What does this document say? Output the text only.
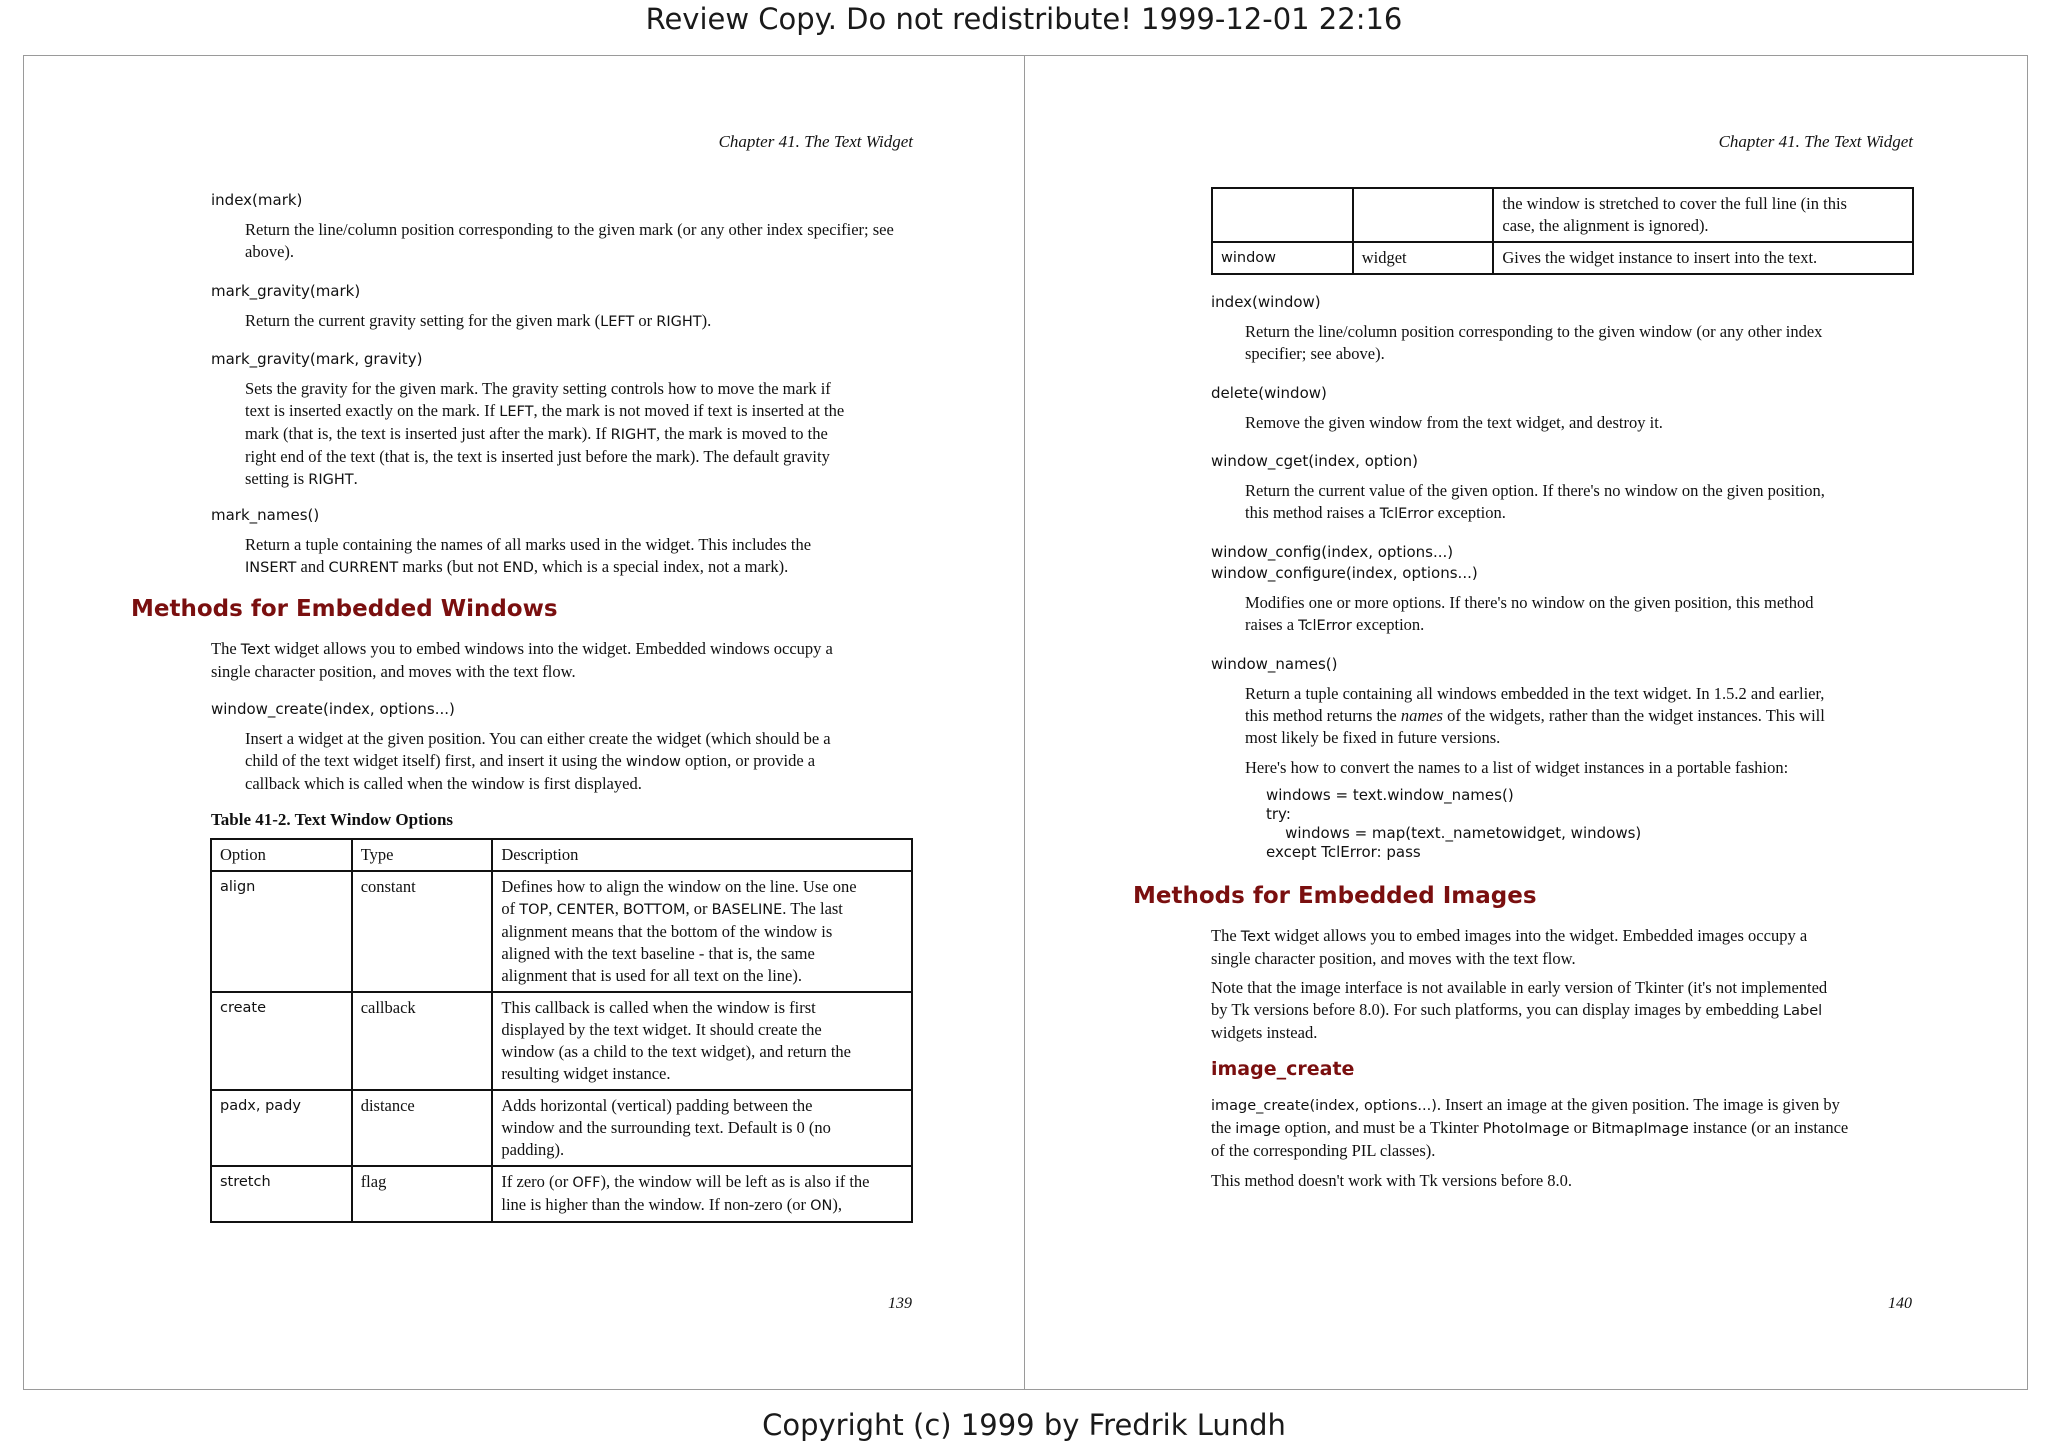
Review Copy. Do not redistribute! 1999-12-01 22:16
Chapter 41. The Text Widget
index(mark)
Return the line/column position corresponding to the given mark (or any other index specifier; see above).
mark_gravity(mark)
Return the current gravity setting for the given mark (LEFT or RIGHT).
mark_gravity(mark, gravity)
Sets the gravity for the given mark. The gravity setting controls how to move the mark if
text is inserted exactly on the mark. If LEFT, the mark is not moved if text is inserted at the
mark (that is, the text is inserted just after the mark). If RIGHT, the mark is moved to the
right end of the text (that is, the text is inserted just before the mark). The default gravity
setting is RIGHT.
mark_names()
Return a tuple containing the names of all marks used in the widget. This includes the
INSERT and CURRENT marks (but not END, which is a special index, not a mark).
Methods for Embedded Windows
The Text widget allows you to embed windows into the widget. Embedded windows occupy a
single character position, and moves with the text flow.
window_create(index, options...)
Insert a widget at the given position. You can either create the widget (which should be a
child of the text widget itself) first, and insert it using the window option, or provide a
callback which is called when the window is first displayed.
Table 41-2. Text Window Options
Option	Type	Description
align	constant	Defines how to align the window on the line. Use one
of TOP, CENTER, BOTTOM, or BASELINE. The last
alignment means that the bottom of the window is
aligned with the text baseline - that is, the same
alignment that is used for all text on the line).

create	callback	This callback is called when the window is first
displayed by the text widget. It should create the
window (as a child to the text widget), and return the
resulting widget instance.

padx, pady	distance	Adds horizontal (vertical) padding between the
window and the surrounding text. Default is 0 (no
padding).

stretch	flag	If zero (or OFF), the window will be left as is also if the
line is higher than the window. If non-zero (or ON),
139
Chapter 41. The Text Widget

		the window is stretched to cover the full line (in this
case, the alignment is ignored).

window	widget	Gives the widget instance to insert into the text.
index(window)
Return the line/column position corresponding to the given window (or any other index
specifier; see above).
delete(window)
Remove the given window from the text widget, and destroy it.
window_cget(index, option)
Return the current value of the given option. If there's no window on the given position,
this method raises a TclError exception.
window_config(index, options...)
window_configure(index, options...)
Modifies one or more options. If there's no window on the given position, this method
raises a TclError exception.
window_names()
Return a tuple containing all windows embedded in the text widget. In 1.5.2 and earlier,
this method returns the names of the widgets, rather than the widget instances. This will
most likely be fixed in future versions.
Here's how to convert the names to a list of widget instances in a portable fashion:
windows = text.window_names()
try:
windows = map(text._nametowidget, windows)
except TclError: pass
Methods for Embedded Images
The Text widget allows you to embed images into the widget. Embedded images occupy a
single character position, and moves with the text flow.
Note that the image interface is not available in early version of Tkinter (it's not implemented
by Tk versions before 8.0). For such platforms, you can display images by embedding Label
widgets instead.
image_create
image_create(index, options...). Insert an image at the given position. The image is given by
the image option, and must be a Tkinter PhotoImage or BitmapImage instance (or an instance
of the corresponding PIL classes).
This method doesn't work with Tk versions before 8.0.
140
Copyright (c) 1999 by Fredrik Lundh
